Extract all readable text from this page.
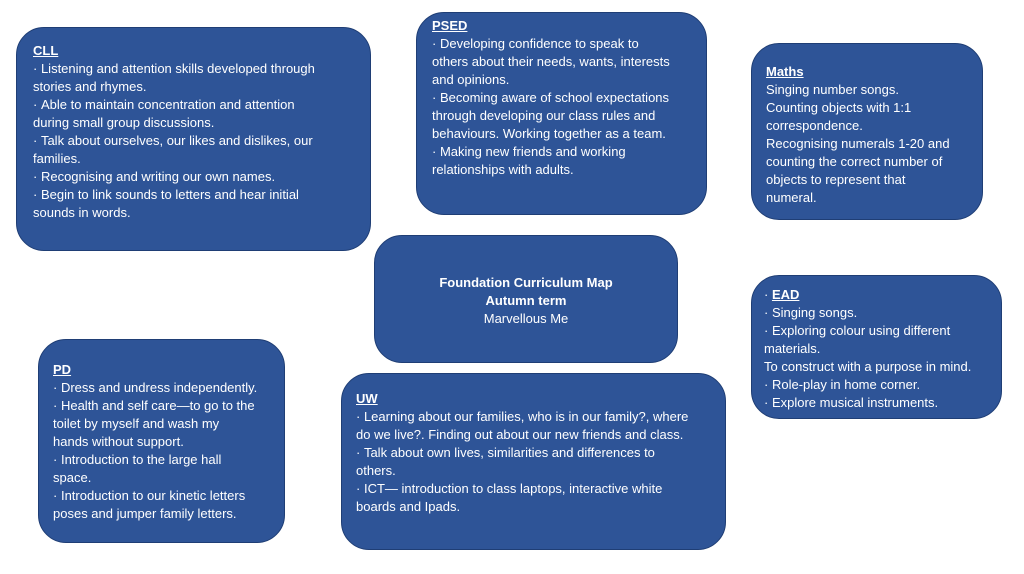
CLL
· Listening and attention skills developed through
stories and rhymes.
· Able to maintain concentration and attention
during small group discussions.
· Talk about ourselves, our likes and dislikes, our
families.
· Recognising and writing our own names.
· Begin to link sounds to letters and hear initial
sounds in words.
PSED
· Developing confidence to speak to
others about their needs, wants, interests
and opinions.
· Becoming aware of school expectations
through developing our class rules and
behaviours. Working together as a team.
· Making new friends and working
relationships with adults.
Maths
Singing number songs.
Counting objects with 1:1
correspondence.
Recognising numerals 1-20 and
counting the correct number of
objects to represent that
numeral.
Foundation Curriculum Map
Autumn term
Marvellous Me
· EAD
· Singing songs.
· Exploring colour using different
materials.
To construct with a purpose in mind.
· Role-play in home corner.
· Explore musical instruments.
PD
· Dress and undress independently.
· Health and self care—to go to the
toilet by myself and wash my
hands without support.
· Introduction to the large hall
space.
· Introduction to our kinetic letters
poses and jumper family letters.
UW
· Learning about our families, who is in our family?, where
do we live?. Finding out about our new friends and class.
· Talk about own lives, similarities and differences to
others.
· ICT— introduction to class laptops, interactive white
boards and Ipads.
